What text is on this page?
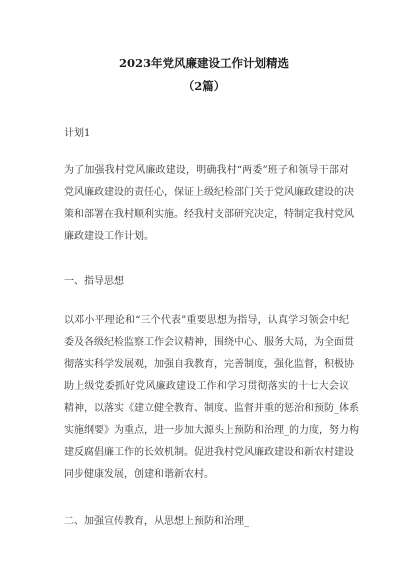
2023年党风廉建设工作计划精选
（2篇）
计划1
为了加强我村党风廉政建设，明确我村“两委”班子和领导干部对
党风廉政建设的责任心，保证上级纪检部门关于党风廉政建设的决
策和部署在我村顺利实施。经我村支部研究决定，特制定我村党风
廉政建设工作计划。
一、指导思想
以邓小平理论和“三个代表”重要思想为指导，认真学习领会中纪
委及各级纪检监察工作会议精神，围绕中心、服务大局，为全面贯
彻落实科学发展观，加强自我教育，完善制度，强化监督，积极协
助上级党委抓好党风廉政建设工作和学习贯彻落实的十七大会议
精神，以落实《建立健全教育、制度、监督并重的惩治和预防_体系
实施纲要》为重点，进一步加大源头上预防和治理_的力度，努力构
建反腐倡廉工作的长效机制。促进我村党风廉政建设和新农村建设
同步健康发展，创建和谐新农村。
二、加强宣传教育，从思想上预防和治理_
